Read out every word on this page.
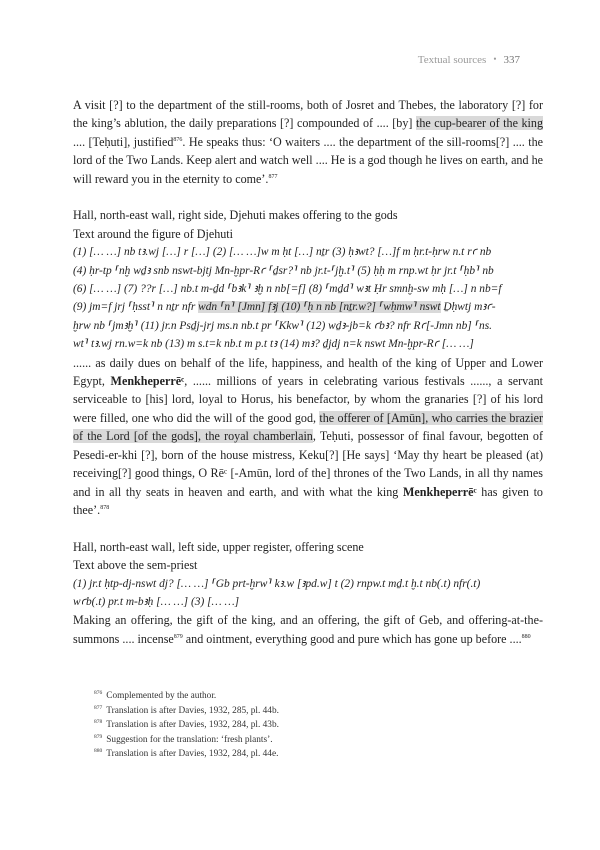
Textual sources • 337

A visit [?] to the department of the still-rooms, both of Josret and Thebes, the laboratory [?] for the king’s ablution, the daily preparations [?] compounded of .... [by] the cup-bearer of the king .... [Teḥuti], justified$^{876}$. He speaks thus: ‘O waiters .... the department of the sill-rooms[?] .... the lord of the Two Lands. Keep alert and watch well .... He is a god though he lives on earth, and he will reward you in the eternity to come’.$^{877}$

Hall, north-east wall, right side, Djehuti makes offering to the gods

Text around the figure of Djehuti

(1) [… …] nb tꜣ.wj […] r […] (2) [… …]w m ḥt […] nṯr (3) ḥꜣwt? […]f m ḥr.t-ḥrw n.t rꜥ nb

(4) ḥr-tp ⸢nḫ wḏꜣ snb nswt-bjtj Mn-ḫpr-Rꜥ ⸢ḏsr?⸣ nb jr.t-⸢jḫ.t⸣ (5) ḥḥ m rnp.wt ḥr jr.t ⸢ḥb⸣ nb

(6) [… …] (7) ??r […] nb.t m-ḏd ⸢bꜣk⸣ ꜣḫ n nb[=f] (8) ⸢mḏd⸣ wꜣt Ḥr smnḫ-sw mḥ […] n nb=f

(9) jm=f jrj ⸢ḥsst⸣ n nṯr nfr wdn ⸢n⸣ [Jmn] fꜣj (10) ⸢ḥ n nb [nṯr.w?] ⸢wḥmw⸣ nswt Ḏḥwtj mꜣꜥ-

ḫrw nb ⸢jmꜣḫ⸣ (11) jr.n Psḏj-jrj ms.n nb.t pr ⸢Kkw⸣ (12) wḏꜣ-jb=k ꜥbꜣ? nfr Rꜥ[-Jmn nb] ⸢ns.

wt⸣ tꜣ.wj rn.w=k nb (13) m s.t=k nb.t m p.t tꜣ (14) mꜣ? ḏjdj n=k nswt Mn-ḫpr-Rꜥ [… …]

...... as daily dues on behalf of the life, happiness, and health of the king of Upper and Lower Egypt, Menkheperrēᶜ, ...... millions of years in celebrating various festivals ......, a servant serviceable to [his] lord, loyal to Horus, his benefactor, by whom the granaries [?] of his lord were filled, one who did the will of the good god, the offerer of [Amūn], who carries the brazier of the Lord [of the gods], the royal chamberlain, Teḥuti, possessor of final favour, begotten of Pesedi-er-khi [?], born of the house mistress, Keku[?] [He says] ‘May thy heart be pleased (at) receiving[?] good things, O Rēᶜ [-Amūn, lord of the] thrones of the Two Lands, in all thy names and in all thy seats in heaven and earth, and with what the king Menkheperrēᶜ has given to thee’.$^{878}$

Hall, north-east wall, left side, upper register, offering scene

Text above the sem-priest

(1) jr.t ḥtp-dj-nswt dj? [… …] ⸢Gb prt-ḫrw⸣ kꜣ.w [ꜣpd.w] t (2) rnpw.t mḏ.t ḫ.t nb(.t) nfr(.t)

wꜥb(.t) pr.t m-bꜣḥ [… …] (3) [… …]

Making an offering, the gift of the king, and an offering, the gift of Geb, and offering-at-the-summons .... incense$^{879}$ and ointment, everything good and pure which has gone up before ....$^{880}$

$^{876}$ Complemented by the author.
$^{877}$ Translation is after Davies, 1932, 285, pl. 44b.
$^{878}$ Translation is after Davies, 1932, 284, pl. 43b.
$^{879}$ Suggestion for the translation: ‘fresh plants’.
$^{880}$ Translation is after Davies, 1932, 284, pl. 44e.
